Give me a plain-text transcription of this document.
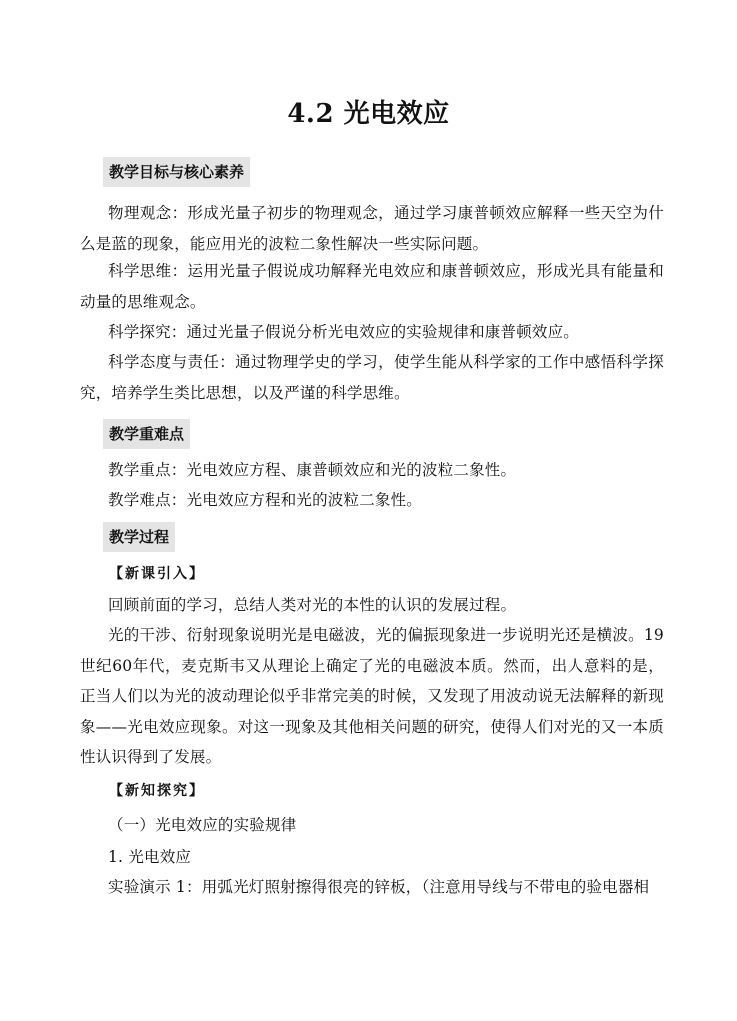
4.2 光电效应
教学目标与核心素养
物理观念：形成光量子初步的物理观念，通过学习康普顿效应解释一些天空为什么是蓝的现象，能应用光的波粒二象性解决一些实际问题。
科学思维：运用光量子假说成功解释光电效应和康普顿效应，形成光具有能量和动量的思维观念。
科学探究：通过光量子假说分析光电效应的实验规律和康普顿效应。
科学态度与责任：通过物理学史的学习，使学生能从科学家的工作中感悟科学探究，培养学生类比思想，以及严谨的科学思维。
教学重难点
教学重点：光电效应方程、康普顿效应和光的波粒二象性。
教学难点：光电效应方程和光的波粒二象性。
教学过程
【新课引入】
回顾前面的学习，总结人类对光的本性的认识的发展过程。
光的干涉、衍射现象说明光是电磁波，光的偏振现象进一步说明光还是横波。19世纪60年代，麦克斯韦又从理论上确定了光的电磁波本质。然而，出人意料的是，正当人们以为光的波动理论似乎非常完美的时候，又发现了用波动说无法解释的新现象——光电效应现象。对这一现象及其他相关问题的研究，使得人们对光的又一本质性认识得到了发展。
【新知探究】
（一）光电效应的实验规律
1. 光电效应
实验演示 1：用弧光灯照射擦得很亮的锌板，（注意用导线与不带电的验电器相
